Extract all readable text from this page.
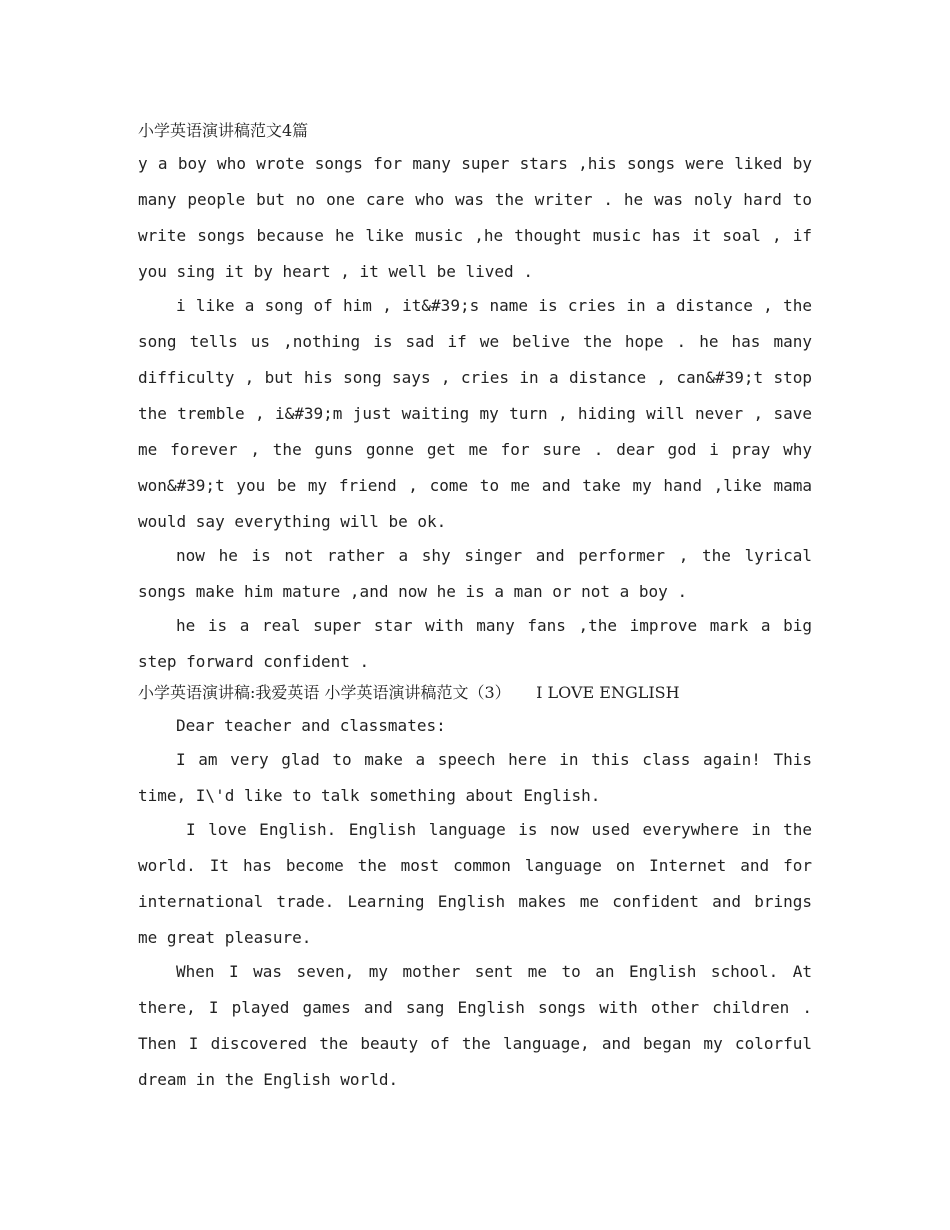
小学英语演讲稿范文4篇

y a boy who wrote songs for many super stars ,his songs were liked by many people but no one care who was the writer . he was noly hard to write songs because he like music ,he thought music has it soal , if you sing it by heart , it well be lived .

i like a song of him , it&#39;s name is cries in a distance , the song tells us ,nothing is sad if we belive the hope . he has many difficulty , but his song says , cries in a distance , can&#39;t stop the tremble , i&#39;m just waiting my turn , hiding will never , save me forever , the guns gonne get me for sure . dear god i pray why won&#39;t you be my friend , come to me and take my hand ,like mama would say everything will be ok.

now he is not rather a shy singer and performer , the lyrical songs make him mature ,and now he is a man or not a boy .

he is a real super star with many fans ,the improve mark a big step forward confident .

小学英语演讲稿:我爱英语 小学英语演讲稿范文（3）     I LOVE ENGLISH

Dear teacher and classmates:

I am very glad to make a speech here in this class again! This time, I\'d like to talk something about English.

I love English. English language is now used everywhere in the world. It has become the most common language on Internet and for international trade. Learning English makes me confident and brings me great pleasure.

When I was seven, my mother sent me to an English school. At there, I played games and sang English songs with other children . Then I discovered the beauty of the language, and began my colorful dream in the English world.
